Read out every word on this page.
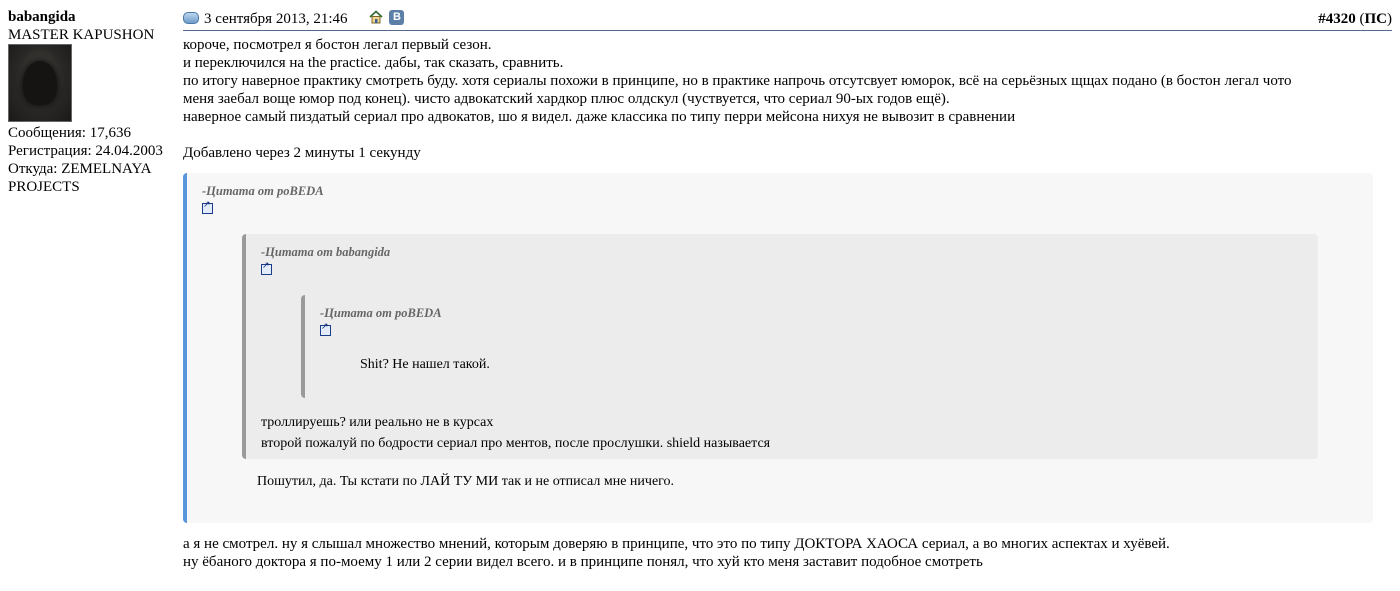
babangida
MASTER KAPUSHON
Сообщения: 17,636
Регистрация: 24.04.2003
Откуда: ZEMELNAYA
PROJECTS
3 сентября 2013, 21:46	В	#4320 (ПС)

короче, посмотрел я бостон легал первый сезон.

и переключился на the practice. дабы, так сказать, сравнить.

по итогу наверное практику смотреть буду. хотя сериалы похожи в принципе, но в практике напрочь отсутсвует юморок, всё на серьёзных щщах подано (в бостон легал чото

меня заебал воще юмор под конец). чисто адвокатский хардкор плюс олдскул (чуствуется, что сериал 90-ых годов ещё).

наверное самый пиздатый сериал про адвокатов, шо я видел. даже классика по типу перри мейсона нихуя не вывозит в сравнении

Добавлено через 2 минуты 1 секунду

-Цитата от poBEDA
↗
-Цитата от babangida
↗
-Цитата от poBEDA
↗
Shit? Не нашел такой.
троллируешь? или реально не в курсах
второй пожалуй по бодрости сериал про ментов, после прослушки. shield называется
Пошутил, да. Ты кстати по ЛАЙ ТУ МИ так и не отписал мне ничего.

а я не смотрел. ну я слышал множество мнений, которым доверяю в принципе, что это по типу ДОКТОРА ХАОСА сериал, а во многих аспектах и хуёвей.

ну ёбаного доктора я по-моему 1 или 2 серии видел всего. и в принципе понял, что хуй кто меня заставит подобное смотреть
